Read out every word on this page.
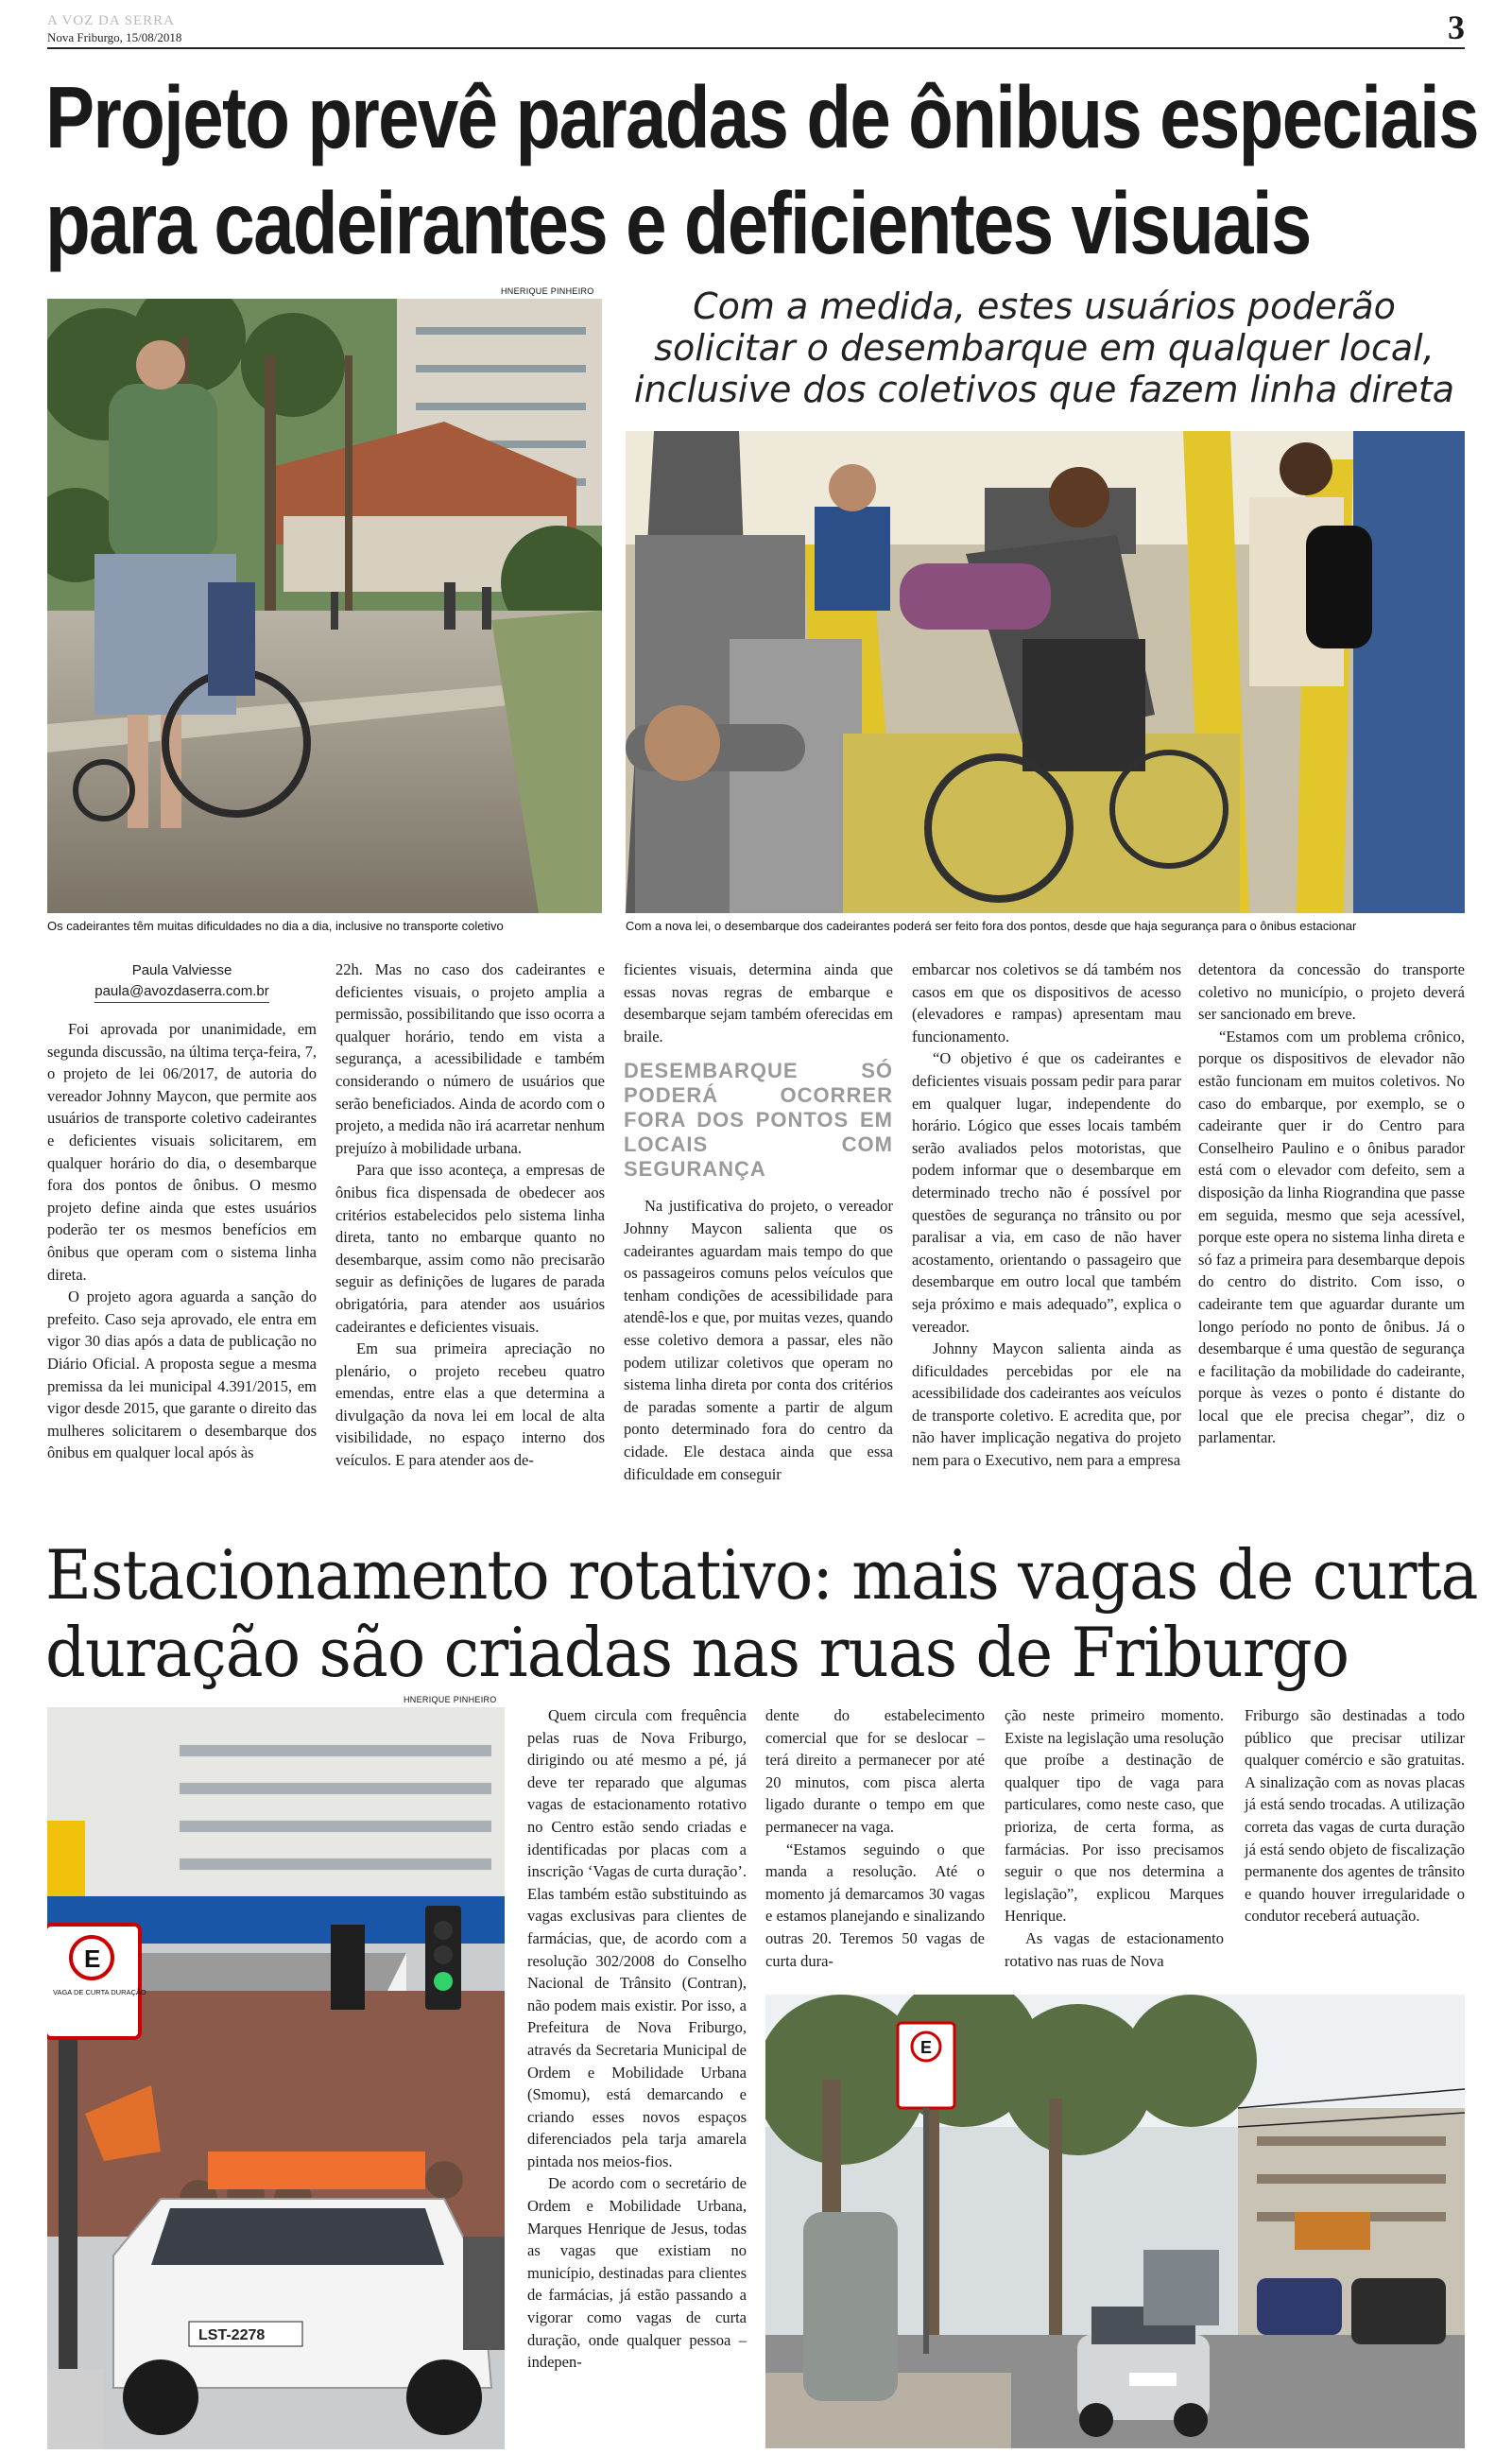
A VOZ DA SERRA
Nova Friburgo, 15/08/2018	3
Projeto prevê paradas de ônibus especiais
para cadeirantes e deficientes visuais
HNERIQUE PINHEIRO
Os cadeirantes têm muitas dificuldades no dia a dia, inclusive no transporte coletivo
Com a medida, estes usuários poderão solicitar o desembarque em qualquer local, inclusive dos coletivos que fazem linha direta
Com a nova lei, o desembarque dos cadeirantes poderá ser feito fora dos pontos, desde que haja segurança para o ônibus estacionar
Paula Valviesse
paula@avozdaserra.com.br

Foi aprovada por unanimidade, em segunda discussão, na última terça-feira, 7, o projeto de lei 06/2017, de autoria do vereador Johnny Maycon, que permite aos usuários de transporte coletivo cadeirantes e deficientes visuais solicitarem, em qualquer horário do dia, o desembarque fora dos pontos de ônibus. O mesmo projeto define ainda que estes usuários poderão ter os mesmos benefícios em ônibus que operam com o sistema linha direta.

O projeto agora aguarda a sanção do prefeito. Caso seja aprovado, ele entra em vigor 30 dias após a data de publicação no Diário Oficial. A proposta segue a mesma premissa da lei municipal 4.391/2015, em vigor desde 2015, que garante o direito das mulheres solicitarem o desembarque dos ônibus em qualquer local após às

22h. Mas no caso dos cadeirantes e deficientes visuais, o projeto amplia a permissão, possibilitando que isso ocorra a qualquer horário, tendo em vista a segurança, a acessibilidade e também considerando o número de usuários que serão beneficiados. Ainda de acordo com o projeto, a medida não irá acarretar nenhum prejuízo à mobilidade urbana.

Para que isso aconteça, a empresas de ônibus fica dispensada de obedecer aos critérios estabelecidos pelo sistema linha direta, tanto no embarque quanto no desembarque, assim como não precisarão seguir as definições de lugares de parada obrigatória, para atender aos usuários cadeirantes e deficientes visuais.

Em sua primeira apreciação no plenário, o projeto recebeu quatro emendas, entre elas a que determina a divulgação da nova lei em local de alta visibilidade, no espaço interno dos veículos. E para atender aos de-

ficientes visuais, determina ainda que essas novas regras de embarque e desembarque sejam também oferecidas em braile.

DESEMBARQUE SÓ PODERÁ OCORRER FORA DOS PONTOS EM LOCAIS COM SEGURANÇA

Na justificativa do projeto, o vereador Johnny Maycon salienta que os cadeirantes aguardam mais tempo do que os passageiros comuns pelos veículos que tenham condições de acessibilidade para atendê-los e que, por muitas vezes, quando esse coletivo demora a passar, eles não podem utilizar coletivos que operam no sistema linha direta por conta dos critérios de paradas somente a partir de algum ponto determinado fora do centro da cidade. Ele destaca ainda que essa dificuldade em conseguir

embarcar nos coletivos se dá também nos casos em que os dispositivos de acesso (elevadores e rampas) apresentam mau funcionamento.

“O objetivo é que os cadeirantes e deficientes visuais possam pedir para parar em qualquer lugar, independente do horário. Lógico que esses locais também serão avaliados pelos motoristas, que podem informar que o desembarque em determinado trecho não é possível por questões de segurança no trânsito ou por paralisar a via, em caso de não haver acostamento, orientando o passageiro que desembarque em outro local que também seja próximo e mais adequado”, explica o vereador.

Johnny Maycon salienta ainda as dificuldades percebidas por ele na acessibilidade dos cadeirantes aos veículos de transporte coletivo. E acredita que, por não haver implicação negativa do projeto nem para o Executivo, nem para a empresa

detentora da concessão do transporte coletivo no município, o projeto deverá ser sancionado em breve.

“Estamos com um problema crônico, porque os dispositivos de elevador não estão funcionam em muitos coletivos. No caso do embarque, por exemplo, se o cadeirante quer ir do Centro para Conselheiro Paulino e o ônibus parador está com o elevador com defeito, sem a disposição da linha Riograndina que passe em seguida, mesmo que seja acessível, porque este opera no sistema linha direta e só faz a primeira para desembarque depois do centro do distrito. Com isso, o cadeirante tem que aguardar durante um longo período no ponto de ônibus. Já o desembarque é uma questão de segurança e facilitação da mobilidade do cadeirante, porque às vezes o ponto é distante do local que ele precisa chegar”, diz o parlamentar.

Estacionamento rotativo: mais vagas de curta
duração são criadas nas ruas de Friburgo
HNERIQUE PINHEIRO
E
VAGA DE CURTA DURAÇÃO
LST-2278

Quem circula com frequência pelas ruas de Nova Friburgo, dirigindo ou até mesmo a pé, já deve ter reparado que algumas vagas de estacionamento rotativo no Centro estão sendo criadas e identificadas por placas com a inscrição ‘Vagas de curta duração’. Elas também estão substituindo as vagas exclusivas para clientes de farmácias, que, de acordo com a resolução 302/2008 do Conselho Nacional de Trânsito (Contran), não podem mais existir. Por isso, a Prefeitura de Nova Friburgo, através da Secretaria Municipal de Ordem e Mobilidade Urbana (Smomu), está demarcando e criando esses novos espaços diferenciados pela tarja amarela pintada nos meios-fios.

De acordo com o secretário de Ordem e Mobilidade Urbana, Marques Henrique de Jesus, todas as vagas que existiam no município, destinadas para clientes de farmácias, já estão passando a vigorar como vagas de curta duração, onde qualquer pessoa – indepen-

dente do estabelecimento comercial que for se deslocar – terá direito a permanecer por até 20 minutos, com pisca alerta ligado durante o tempo em que permanecer na vaga.

“Estamos seguindo o que manda a resolução. Até o momento já demarcamos 30 vagas e estamos planejando e sinalizando outras 20. Teremos 50 vagas de curta dura-

ção neste primeiro momento. Existe na legislação uma resolução que proíbe a destinação de qualquer tipo de vaga para particulares, como neste caso, que prioriza, de certa forma, as farmácias. Por isso precisamos seguir o que nos determina a legislação”, explicou Marques Henrique.

As vagas de estacionamento rotativo nas ruas de Nova

Friburgo são destinadas a todo público que precisar utilizar qualquer comércio e são gratuitas. A sinalização com as novas placas já está sendo trocadas. A utilização correta das vagas de curta duração já está sendo objeto de fiscalização permanente dos agentes de trânsito e quando houver irregularidade o condutor receberá autuação.

E
